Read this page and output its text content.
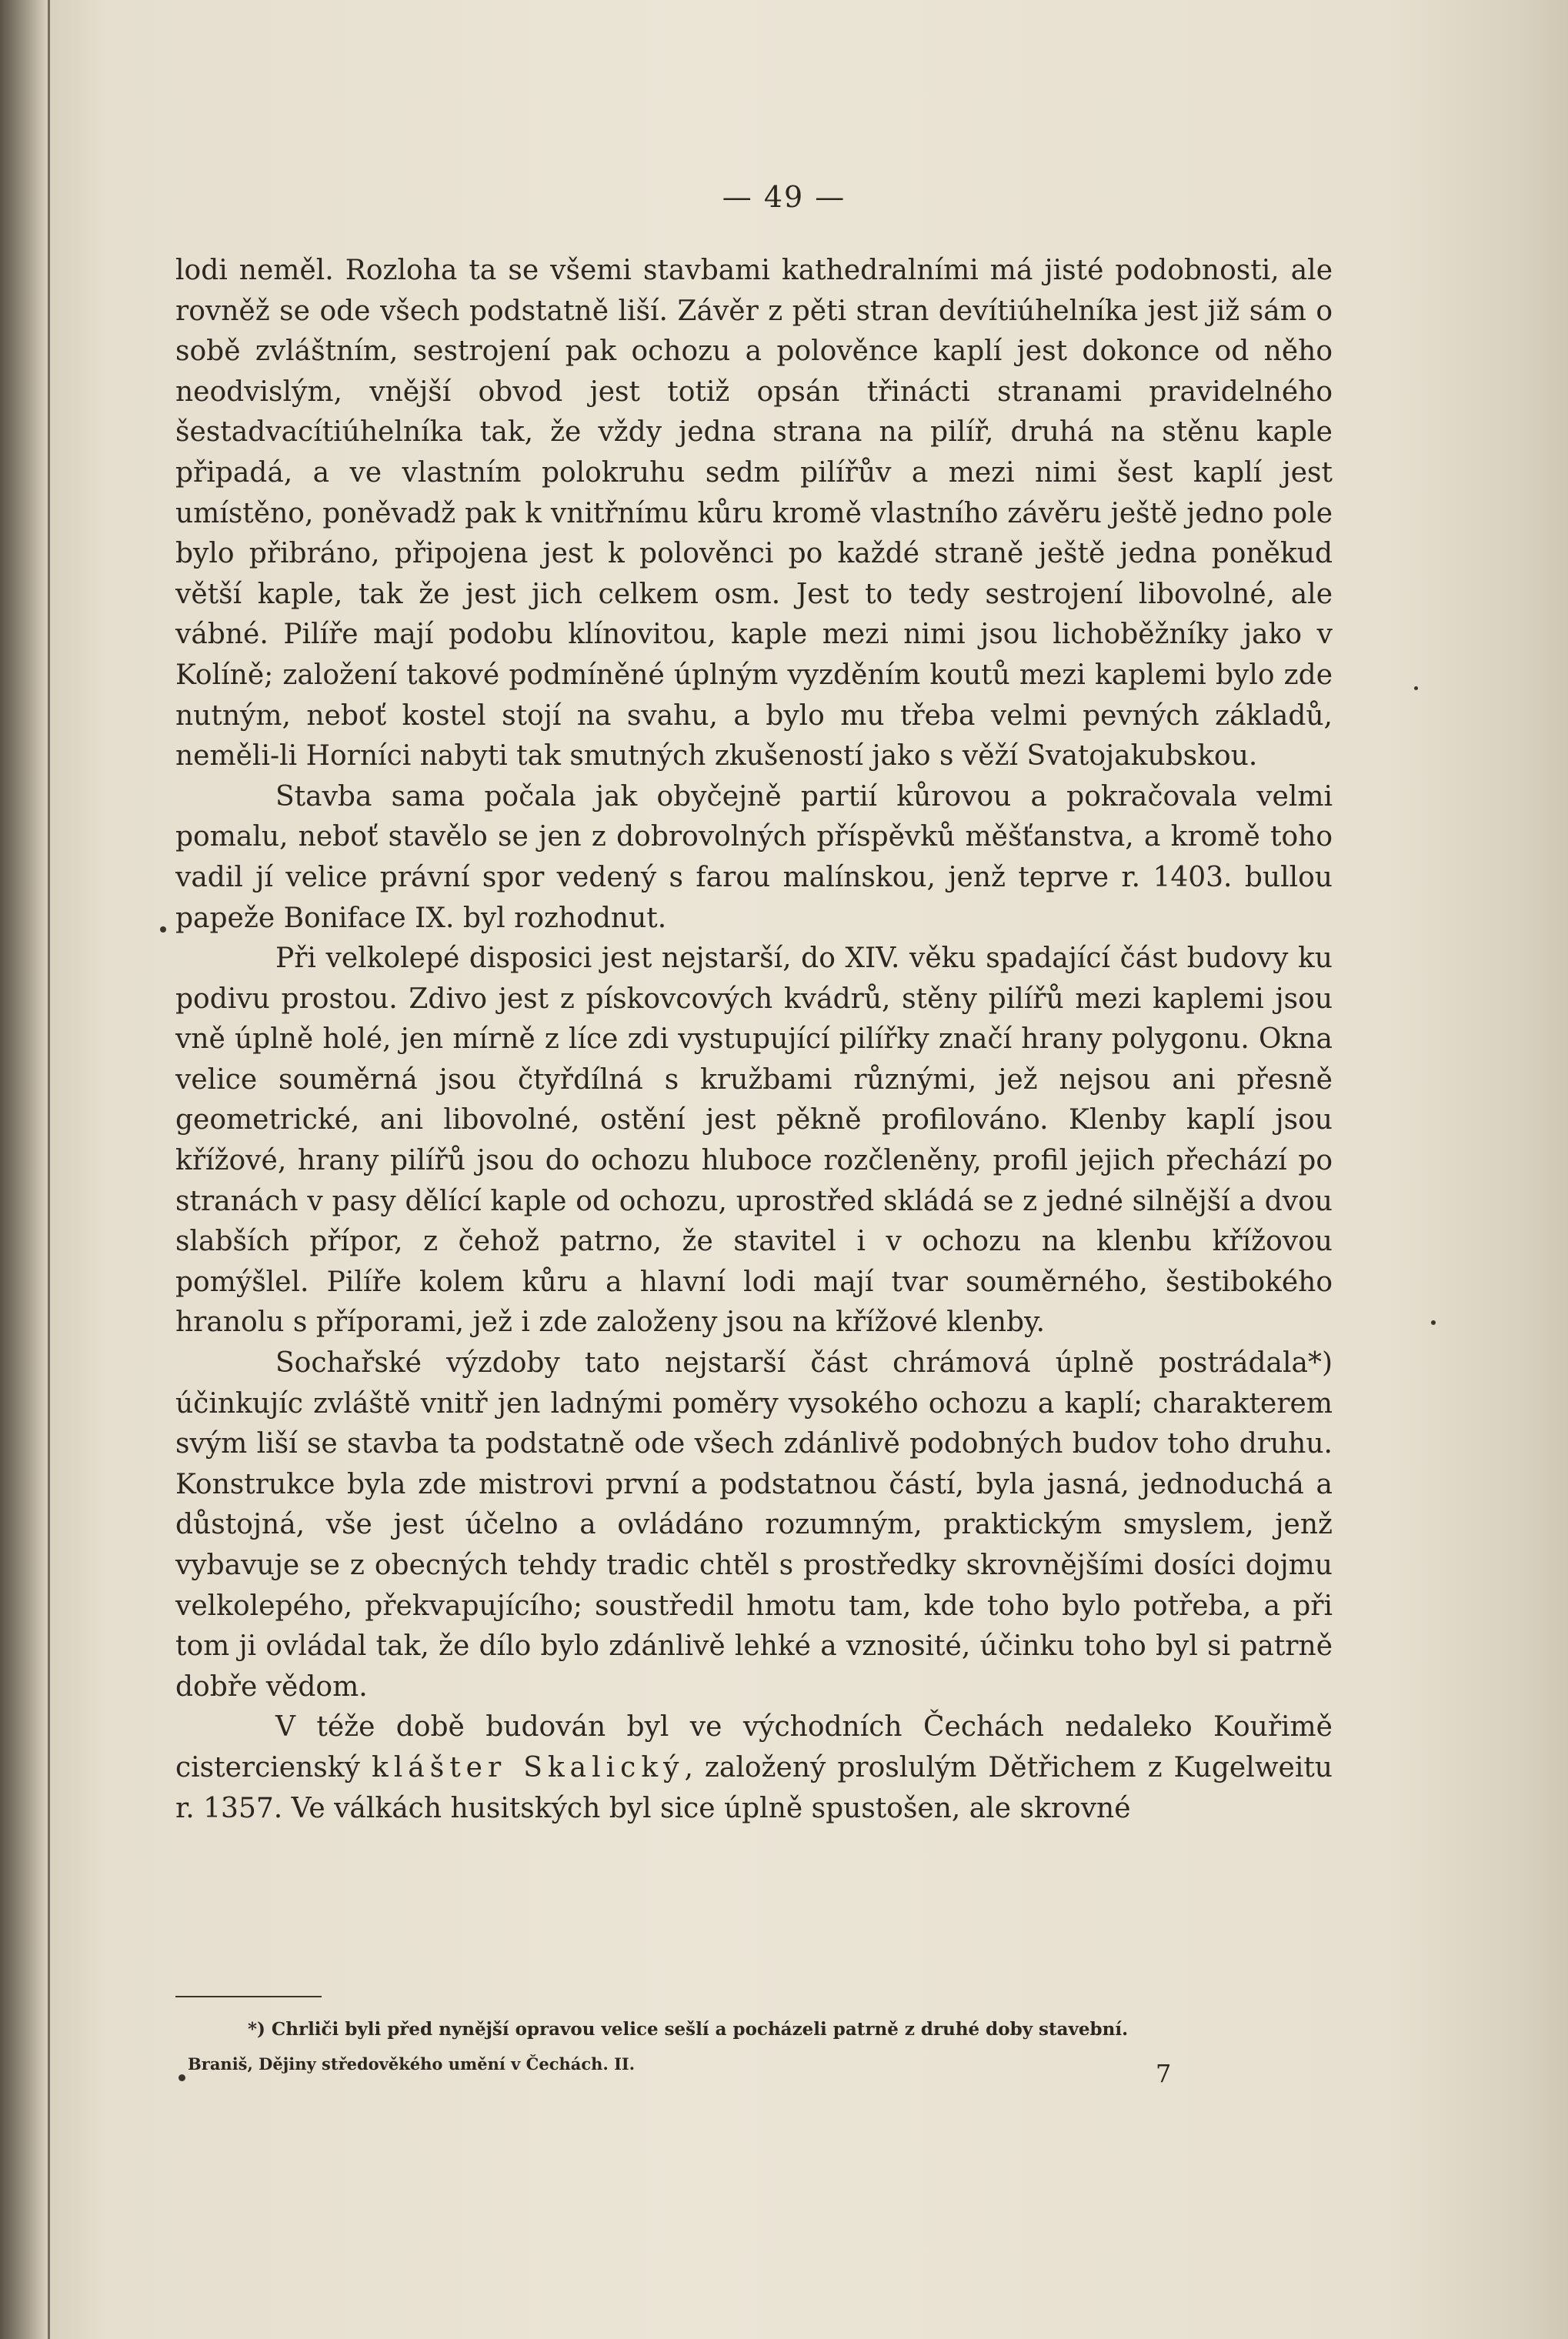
— 49 —

lodi neměl. Rozloha ta se všemi stavbami kathedralními má jisté podobnosti, ale rovněž se ode všech podstatně liší. Závěr z pěti stran devítiúhelníka jest již sám o sobě zvláštním, sestrojení pak ochozu a polověnce kaplí jest dokonce od něho neodvislým, vnější obvod jest totiž opsán třinácti stranami pravidelného šestadvacítiúhelníka tak, že vždy jedna strana na pilíř, druhá na stěnu kaple připadá, a ve vlastním polokruhu sedm pilířův a mezi nimi šest kaplí jest umístěno, poněvadž pak k vnitřnímu kůru kromě vlastního závěru ještě jedno pole bylo přibráno, připojena jest k polověnci po každé straně ještě jedna poněkud větší kaple, tak že jest jich celkem osm. Jest to tedy sestrojení libovolné, ale vábné. Pilíře mají podobu klínovitou, kaple mezi nimi jsou lichoběžníky jako v Kolíně; založení takové podmíněné úplným vyzděním koutů mezi kaplemi bylo zde nutným, neboť kostel stojí na svahu, a bylo mu třeba velmi pevných základů, neměli-li Horníci nabyti tak smutných zkušeností jako s věží Svatojakubskou.

Stavba sama počala jak obyčejně partií kůrovou a pokračovala velmi pomalu, neboť stavělo se jen z dobrovolných příspěvků měšťanstva, a kromě toho vadil jí velice právní spor vedený s farou malínskou, jenž teprve r. 1403. bullou papeže Boniface IX. byl rozhodnut.

Při velkolepé disposici jest nejstarší, do XIV. věku spadající část budovy ku podivu prostou. Zdivo jest z pískovcových kvádrů, stěny pilířů mezi kaplemi jsou vně úplně holé, jen mírně z líce zdi vystupující pilířky značí hrany polygonu. Okna velice souměrná jsou čtyřdílná s kružbami různými, jež nejsou ani přesně geometrické, ani libovolné, ostění jest pěkně profilováno. Klenby kaplí jsou křížové, hrany pilířů jsou do ochozu hluboce rozčleněny, profil jejich přechází po stranách v pasy dělící kaple od ochozu, uprostřed skládá se z jedné silnější a dvou slabších přípor, z čehož patrno, že stavitel i v ochozu na klenbu křížovou pomýšlel. Pilíře kolem kůru a hlavní lodi mají tvar souměrného, šestibokého hranolu s příporami, jež i zde založeny jsou na křížové klenby.

Sochařské výzdoby tato nejstarší část chrámová úplně postrádala*) účinkujíc zvláště vnitř jen ladnými poměry vysokého ochozu a kaplí; charakterem svým liší se stavba ta podstatně ode všech zdánlivě podobných budov toho druhu. Konstrukce byla zde mistrovi první a podstatnou částí, byla jasná, jednoduchá a důstojná, vše jest účelno a ovládáno rozumným, praktickým smyslem, jenž vybavuje se z obecných tehdy tradic chtěl s prostředky skrovnějšími dosíci dojmu velkolepého, překvapujícího; soustředil hmotu tam, kde toho bylo potřeba, a při tom ji ovládal tak, že dílo bylo zdánlivě lehké a vznosité, účinku toho byl si patrně dobře vědom.

V téže době budován byl ve východních Čechách nedaleko Kouřimě cistercienský klášter Skalický, založený proslulým Dětřichem z Kugelweitu r. 1357. Ve válkách husitských byl sice úplně spustošen, ale skrovné

*) Chrliči byli před nynější opravou velice sešlí a pocházeli patrně z druhé doby stavební.
Braniš, Dějiny středověkého umění v Čechách. II.	7
